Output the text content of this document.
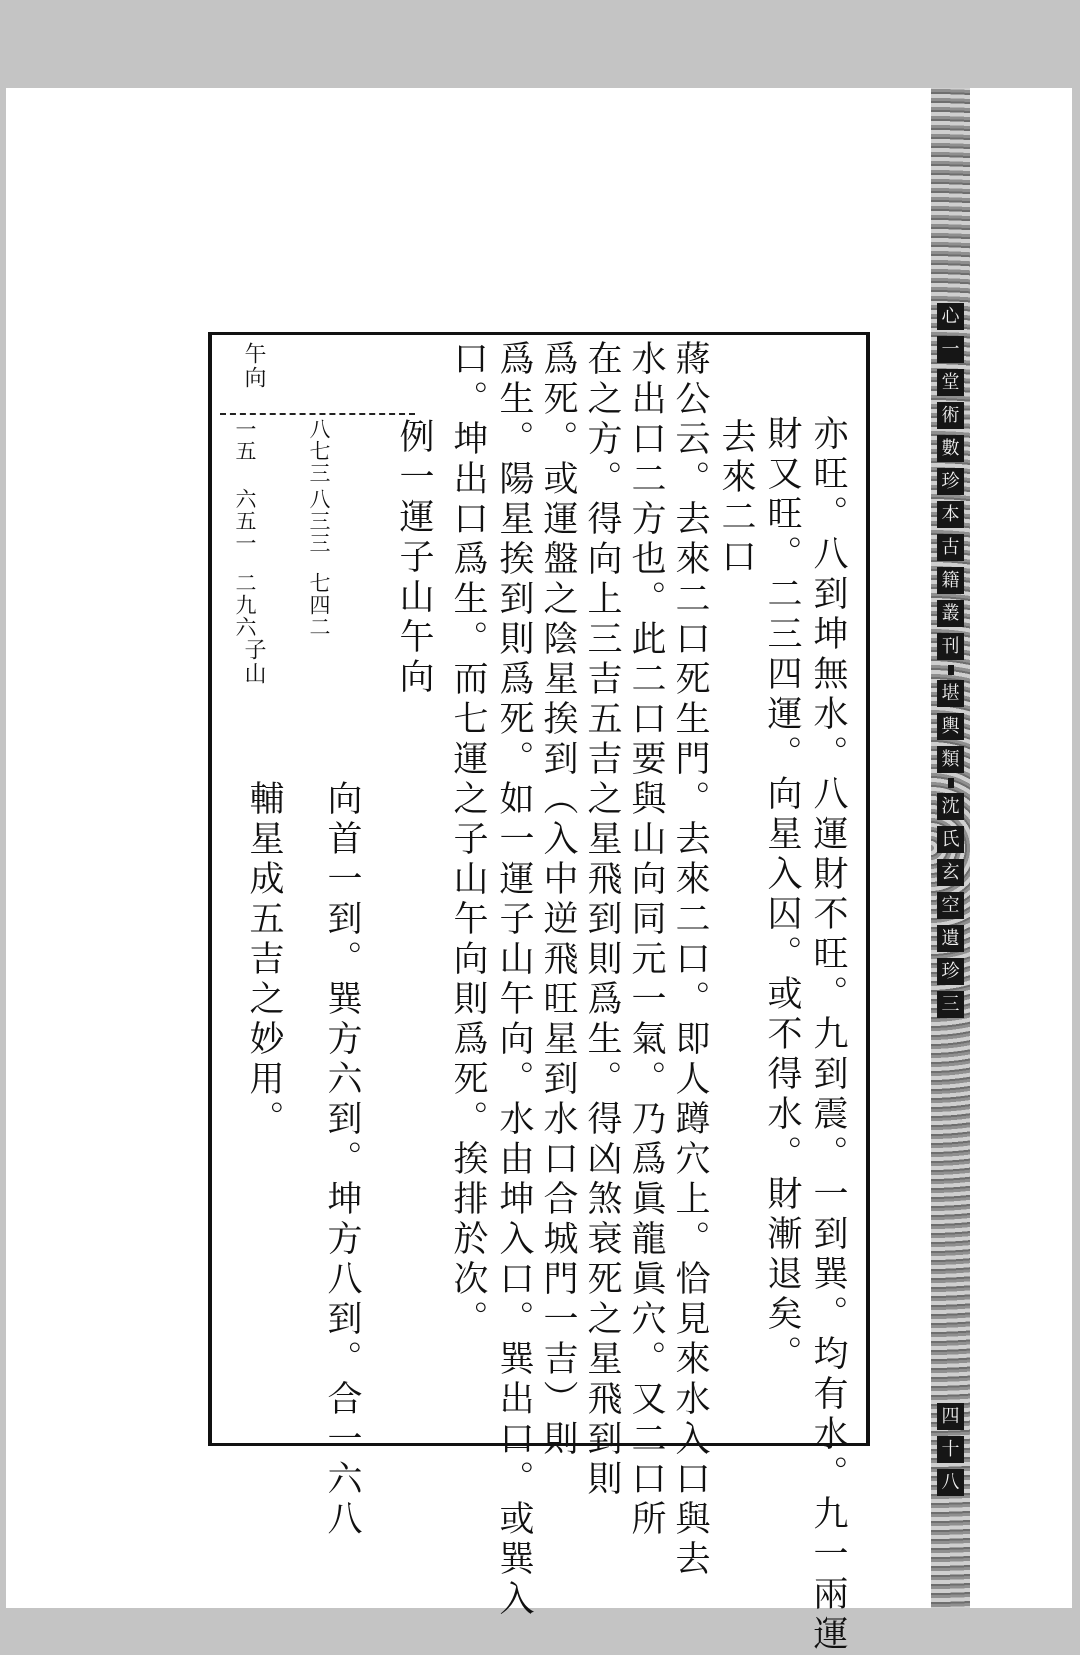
亦旺。八到坤無水。八運財不旺。九到震。一到巽。均有水。九一兩運
財又旺。二三四運。向星入囚。或不得水。財漸退矣。
去來二口
蔣公云。去來二口死生門。去來二口。即人蹲穴上。恰見來水入口與去
水出口二方也。此二口要與山向同元一氣。乃爲眞龍眞穴。又二口所
在之方。得向上三吉五吉之星飛到則爲生。得凶煞衰死之星飛到則
爲死。或運盤之陰星挨到（入中逆飛旺星到水口合城門一吉）則
爲生。陽星挨到則爲死。如一運子山午向。水由坤入口。巽出口。或巽入
口。坤出口爲生。而七運之子山午向則爲死。挨排於次。
例一運子山午向
向首一到。巽方六到。坤方八到。合一六八
輔星成五吉之妙用。
午向
八七三
八三三
七四二
一五
六五一
二九六
子山
心
一
堂
術
數
珍
本
古
籍
叢
刊
堪
輿
類
沈
氏
玄
空
遺
珍
三
四
十
八
